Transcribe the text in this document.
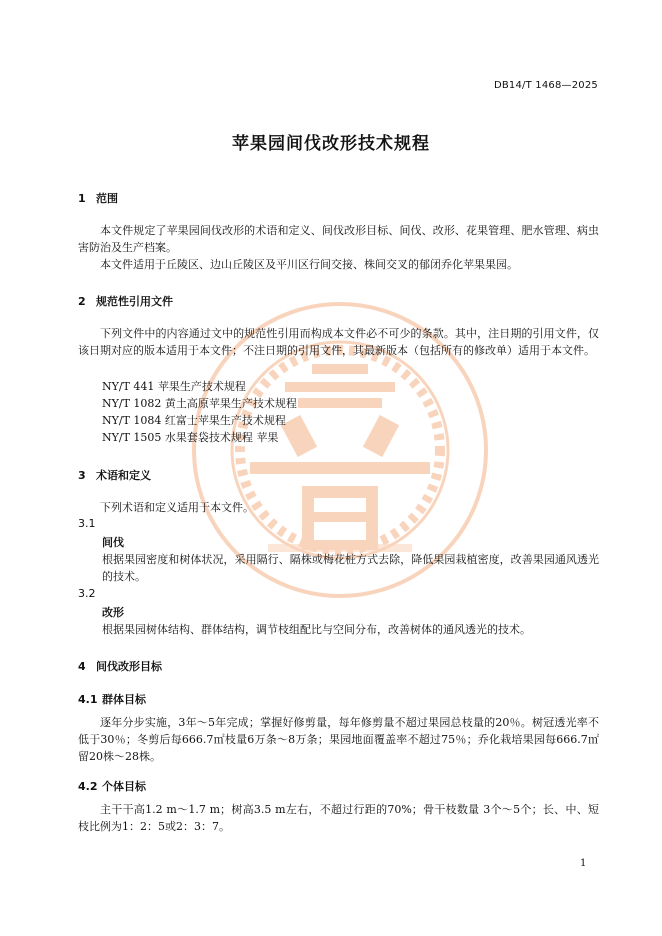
DB14/T 1468—2025
苹果园间伐改形技术规程
1 范围
本文件规定了苹果园间伐改形的术语和定义、间伐改形目标、间伐、改形、花果管理、肥水管理、病虫害防治及生产档案。
本文件适用于丘陵区、边山丘陵区及平川区行间交接、株间交叉的郁闭乔化苹果果园。
2 规范性引用文件
下列文件中的内容通过文中的规范性引用而构成本文件必不可少的条款。其中，注日期的引用文件，仅该日期对应的版本适用于本文件；不注日期的引用文件，其最新版本（包括所有的修改单）适用于本文件。
NY/T 441 苹果生产技术规程
NY/T 1082 黄土高原苹果生产技术规程
NY/T 1084 红富士苹果生产技术规程
NY/T 1505 水果套袋技术规程 苹果
3 术语和定义
下列术语和定义适用于本文件。
3.1
间伐
根据果园密度和树体状况，采用隔行、隔株或梅花桩方式去除，降低果园栽植密度，改善果园通风透光的技术。
3.2
改形
根据果园树体结构、群体结构，调节枝组配比与空间分布，改善树体的通风透光的技术。
4 间伐改形目标
4.1 群体目标
逐年分步实施，3年～5年完成；掌握好修剪量，每年修剪量不超过果园总枝量的20％。树冠透光率不低于30％；冬剪后每666.7㎡枝量6万条～8万条；果园地面覆盖率不超过75％；乔化栽培果园每666.7㎡留20株～28株。
4.2 个体目标
主干干高1.2 m～1.7 m；树高3.5 m左右，不超过行距的70%；骨干枝数量 3个～5个；长、中、短枝比例为1：2：5或2：3：7。
1
